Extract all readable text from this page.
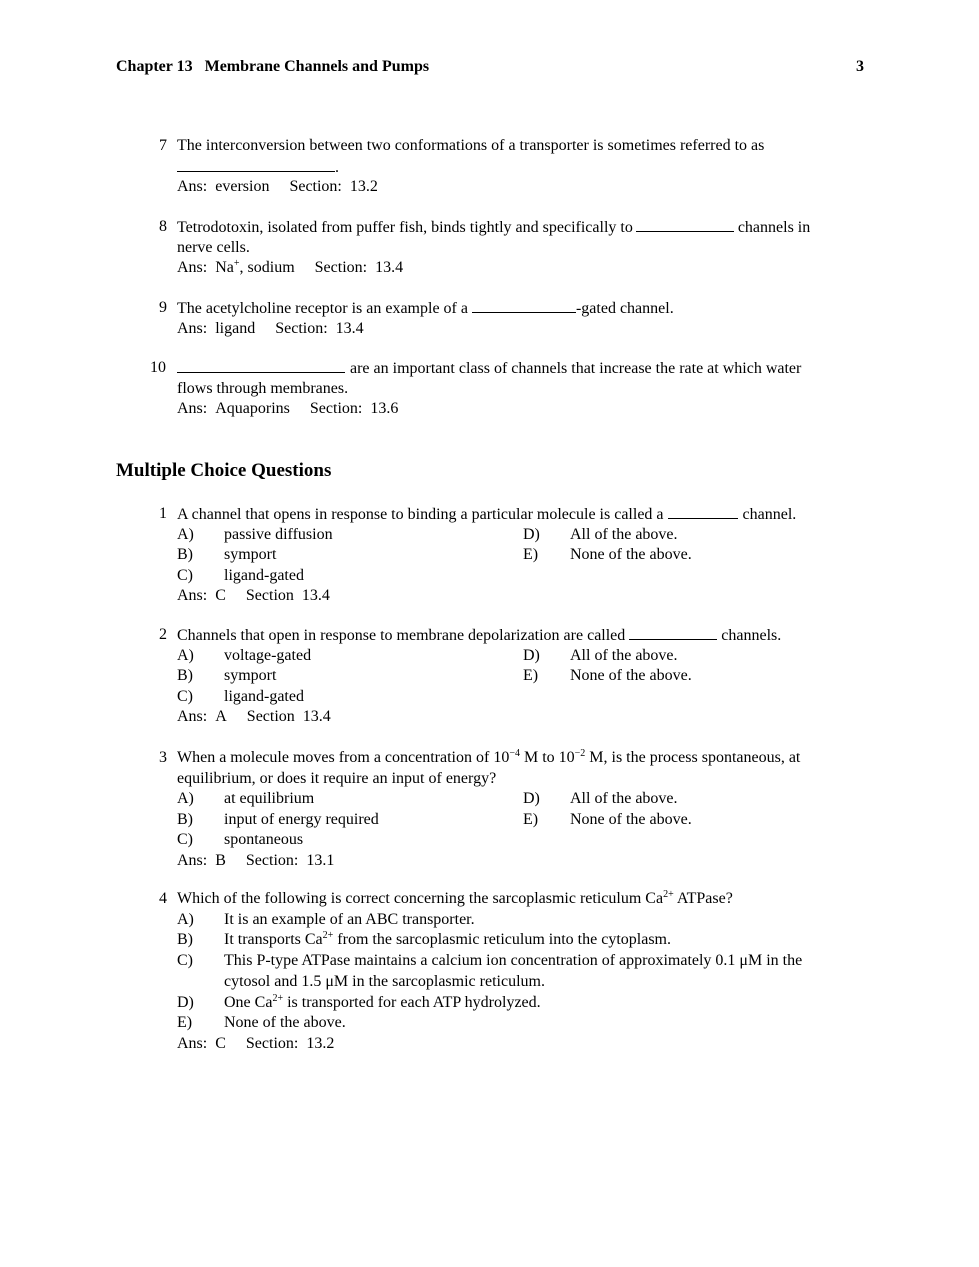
Chapter 13   Membrane Channels and Pumps	3
7 The interconversion between two conformations of a transporter is sometimes referred to as
.
Ans: eversion Section: 13.2
8 Tetrodotoxin, isolated from puffer fish, binds tightly and specifically to	channels in
nerve cells.
Ans: Na+, sodium Section: 13.4
9 The acetylcholine receptor is an example of a	-gated channel.
Ans: ligand Section: 13.4
10	are an important class of channels that increase the rate at which water
flows through membranes.
Ans: Aquaporins Section: 13.6
Multiple Choice Questions
1 A channel that opens in response to binding a particular molecule is called a	channel.
A) passive diffusion
B) symport
C) ligand-gated
D) All of the above.
E) None of the above.
Ans: C Section 13.4
2 Channels that open in response to membrane depolarization are called	channels.
A) voltage-gated
B) symport
C) ligand-gated
D) All of the above.
E) None of the above.
Ans: A Section 13.4
3 When a molecule moves from a concentration of $10^{-4}$ M to $10^{-2}$ M, is the process spontaneous, at
equilibrium, or does it require an input of energy?
A) at equilibrium
B) input of energy required
C) spontaneous
D) All of the above.
E) None of the above.
Ans: B Section: 13.1
4 Which of the following is correct concerning the sarcoplasmic reticulum $Ca^{2+}$ ATPase?
A) It is an example of an ABC transporter.
B) It transports $Ca^{2+}$ from the sarcoplasmic reticulum into the cytoplasm.
C) This P-type ATPase maintains a calcium ion concentration of approximately 0.1 μM in the
cytosol and 1.5 μM in the sarcoplasmic reticulum.
D) One $Ca^{2+}$ is transported for each ATP hydrolyzed.
E) None of the above.
Ans: C Section: 13.2
